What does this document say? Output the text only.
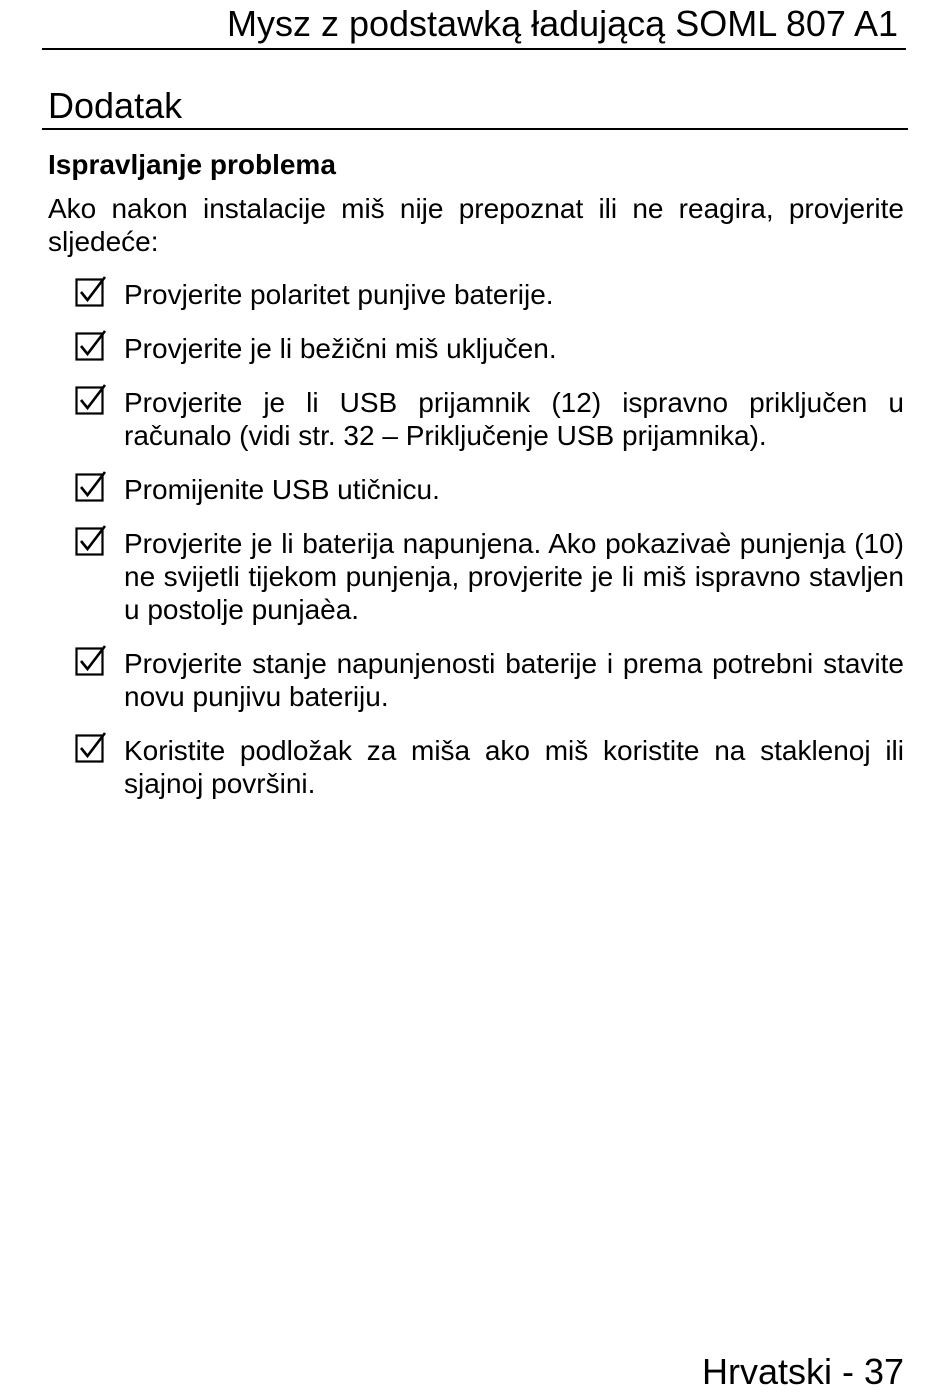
Mysz z podstawką ładującą SOML 807 A1
Dodatak
Ispravljanje problema

Ako nakon instalacije miš nije prepoznat ili ne reagira, provjerite sljedeće:

Provjerite polaritet punjive baterije.
Provjerite je li bežični miš uključen.
Provjerite je li USB prijamnik (12) ispravno priključen u računalo (vidi str. 32 – Priključenje USB prijamnika).
Promijenite USB utičnicu.
Provjerite je li baterija napunjena. Ako pokazivaè punjenja (10) ne svijetli tijekom punjenja, provjerite je li miš ispravno stavljen u postolje punjaèa.
Provjerite stanje napunjenosti baterije i prema potrebni stavite novu punjivu bateriju.
Koristite podložak za miša ako miš koristite na staklenoj ili sjajnoj površini.
Hrvatski - 37
